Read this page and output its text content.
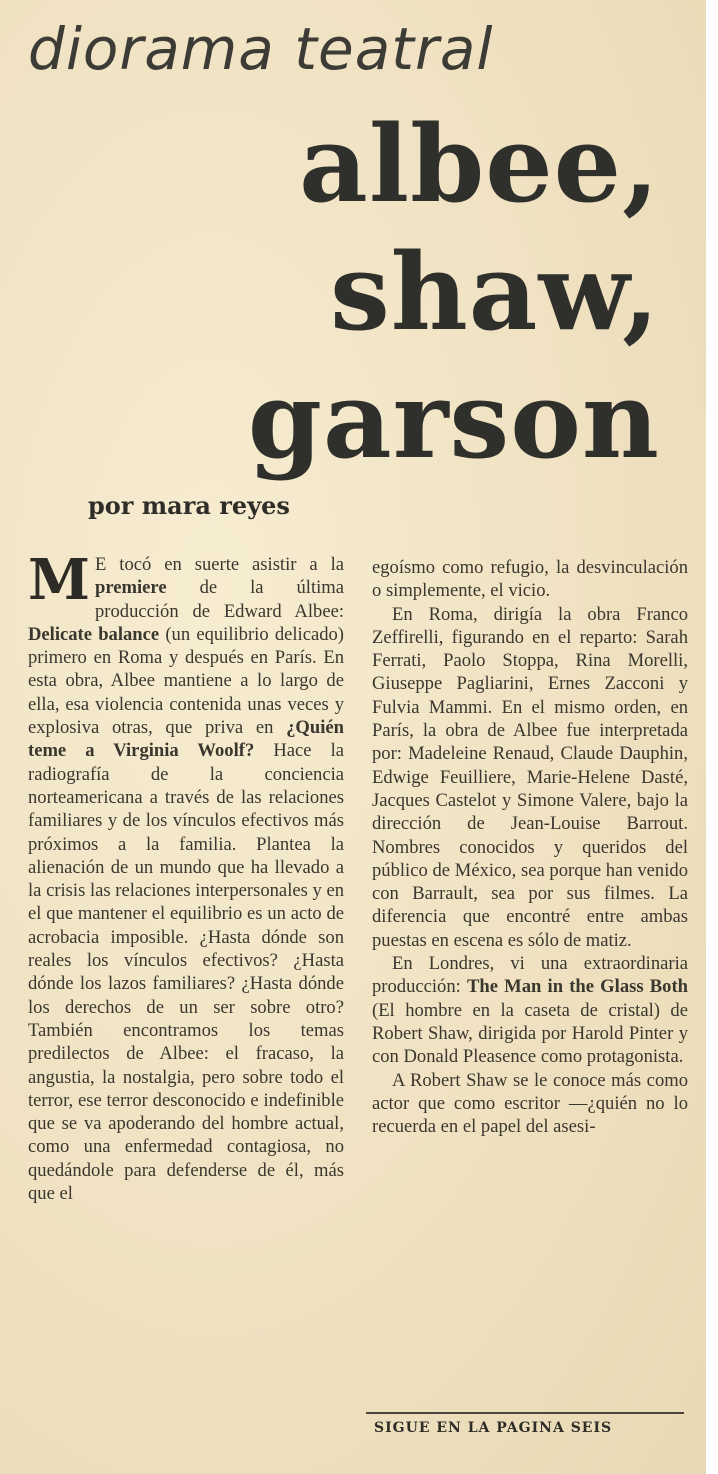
diorama teatral
albee,
shaw,
garson
por mara reyes

M E tocó en suerte asistir a la premiere de la última producción de Edward Albee: Delicate balance (un equilibrio delicado) primero en Roma y después en París. En esta obra, Albee mantiene a lo largo de ella, esa violencia contenida unas veces y explosiva otras, que priva en ¿Quién teme a Virginia Woolf? Hace la radiografía de la conciencia norteamericana a través de las relaciones familiares y de los vínculos efectivos más próximos a la familia. Plantea la alienación de un mundo que ha llevado a la crisis las relaciones interpersonales y en el que mantener el equilibrio es un acto de acrobacia imposible. ¿Hasta dónde son reales los vínculos efectivos? ¿Hasta dónde los lazos familiares? ¿Hasta dónde los derechos de un ser sobre otro? También encontramos los temas predilectos de Albee: el fracaso, la angustia, la nostalgia, pero sobre todo el terror, ese terror desconocido e indefinible que se va apoderando del hombre actual, como una enfermedad contagiosa, no quedándole para defenderse de él, más que el

egoísmo como refugio, la desvinculación o simplemente, el vicio.

En Roma, dirigía la obra Franco Zeffirelli, figurando en el reparto: Sarah Ferrati, Paolo Stoppa, Rina Morelli, Giuseppe Pagliarini, Ernes Zacconi y Fulvia Mammi. En el mismo orden, en París, la obra de Albee fue interpretada por: Madeleine Renaud, Claude Dauphin, Edwige Feuilliere, Marie-Helene Dasté, Jacques Castelot y Simone Valere, bajo la dirección de Jean-Louise Barrout. Nombres conocidos y queridos del público de México, sea porque han venido con Barrault, sea por sus filmes. La diferencia que encontré entre ambas puestas en escena es sólo de matiz.

En Londres, vi una extraordinaria producción: The Man in the Glass Both (El hombre en la caseta de cristal) de Robert Shaw, dirigida por Harold Pinter y con Donald Pleasence como protagonista.

A Robert Shaw se le conoce más como actor que como escritor —¿quién no lo recuerda en el papel del asesi-

SIGUE EN LA PAGINA SEIS
